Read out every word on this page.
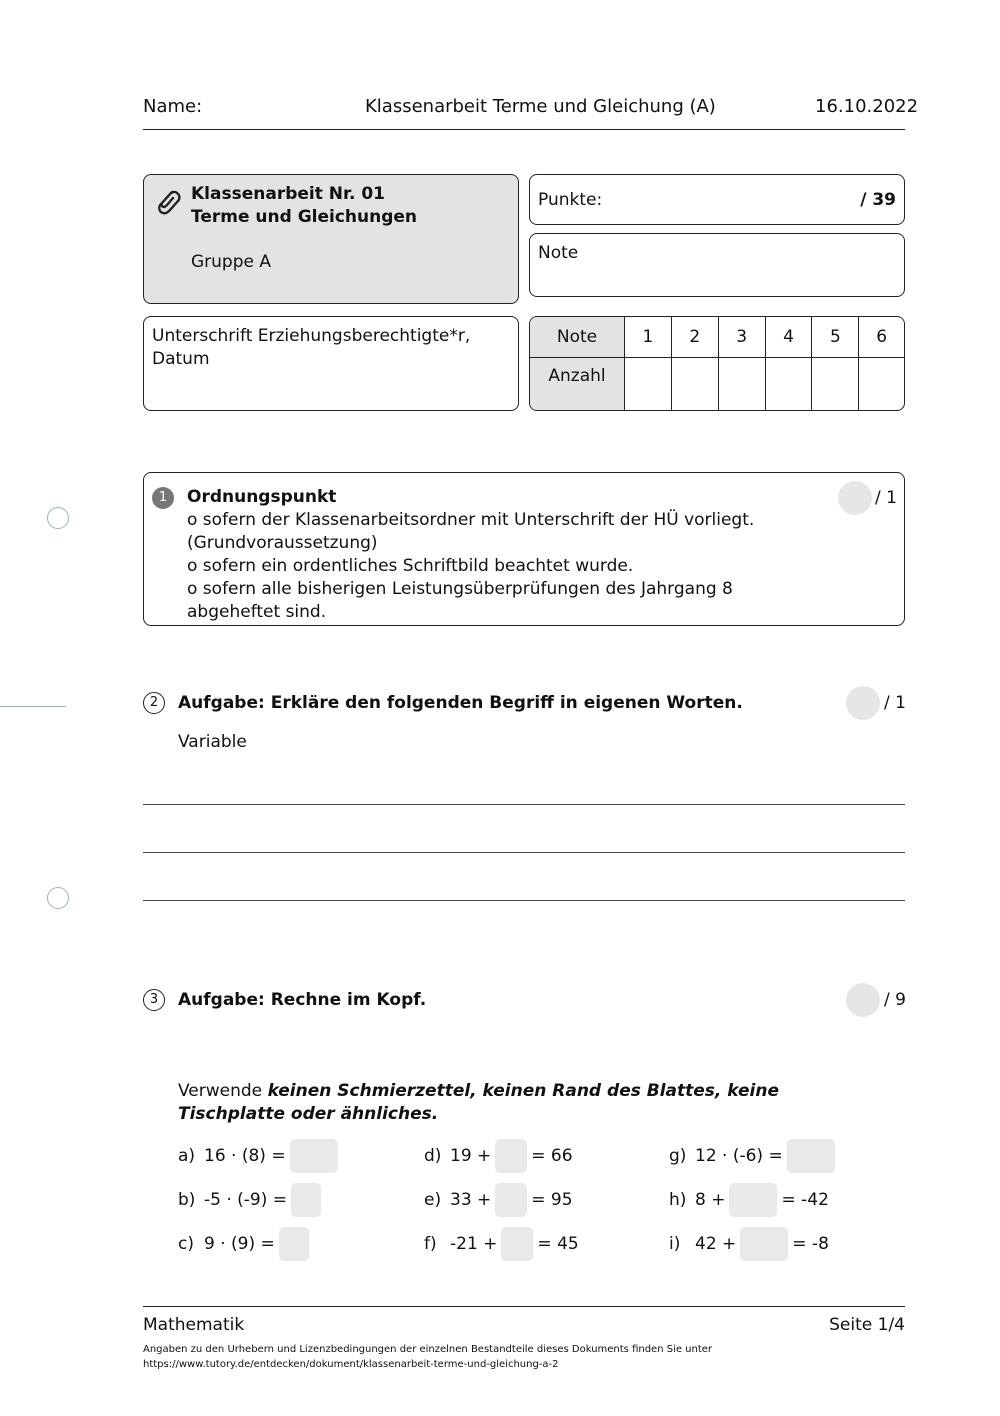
Name:	Klassenarbeit Terme und Gleichung (A)	16.10.2022
Klassenarbeit Nr. 01
Terme und Gleichungen
Gruppe A
Punkte:	/ 39
Note
Unterschrift Erziehungsberechtigte*r, Datum
Note	1	2	3	4	5	6
Anzahl						
1	Ordnungspunkt
o sofern der Klassenarbeitsordner mit Unterschrift der HÜ vorliegt. (Grundvoraussetzung)
o sofern ein ordentliches Schriftbild beachtet wurde.
o sofern alle bisherigen Leistungsüberprüfungen des Jahrgang 8 abgeheftet sind.
/ 1
2	Aufgabe: Erkläre den folgenden Begriff in eigenen Worten.	/ 1
Variable
3	Aufgabe: Rechne im Kopf.	/ 9
Verwende keinen Schmierzettel, keinen Rand des Blattes, keine Tischplatte oder ähnliches.
a) 16 · (8) =
b) -5 · (-9) =
c) 9 · (9) =
d) 19 + = 66
e) 33 + = 95
f) -21 + = 45
g) 12 · (-6) =
h) 8 +	= -42
i) 42 +	= -8
Mathematik	Seite 1/4
Angaben zu den Urhebern und Lizenzbedingungen der einzelnen Bestandteile dieses Dokuments finden Sie unter
https://www.tutory.de/entdecken/dokument/klassenarbeit-terme-und-gleichung-a-2
